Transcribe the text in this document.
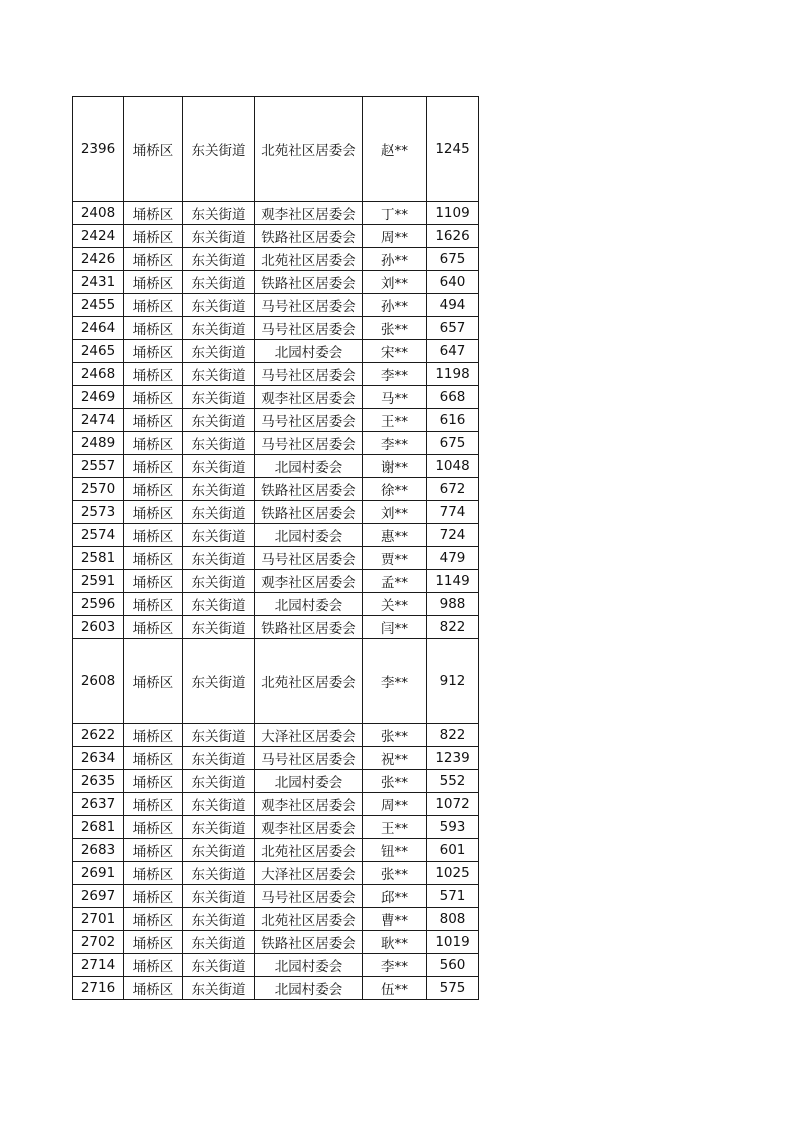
2396	埇桥区	东关街道	北苑社区居委会	赵**	1245
2408	埇桥区	东关街道	观李社区居委会	丁**	1109
2424	埇桥区	东关街道	铁路社区居委会	周**	1626
2426	埇桥区	东关街道	北苑社区居委会	孙**	675
2431	埇桥区	东关街道	铁路社区居委会	刘**	640
2455	埇桥区	东关街道	马号社区居委会	孙**	494
2464	埇桥区	东关街道	马号社区居委会	张**	657
2465	埇桥区	东关街道	北园村委会	宋**	647
2468	埇桥区	东关街道	马号社区居委会	李**	1198
2469	埇桥区	东关街道	观李社区居委会	马**	668
2474	埇桥区	东关街道	马号社区居委会	王**	616
2489	埇桥区	东关街道	马号社区居委会	李**	675
2557	埇桥区	东关街道	北园村委会	谢**	1048
2570	埇桥区	东关街道	铁路社区居委会	徐**	672
2573	埇桥区	东关街道	铁路社区居委会	刘**	774
2574	埇桥区	东关街道	北园村委会	惠**	724
2581	埇桥区	东关街道	马号社区居委会	贾**	479
2591	埇桥区	东关街道	观李社区居委会	孟**	1149
2596	埇桥区	东关街道	北园村委会	关**	988
2603	埇桥区	东关街道	铁路社区居委会	闫**	822
2608	埇桥区	东关街道	北苑社区居委会	李**	912
2622	埇桥区	东关街道	大泽社区居委会	张**	822
2634	埇桥区	东关街道	马号社区居委会	祝**	1239
2635	埇桥区	东关街道	北园村委会	张**	552
2637	埇桥区	东关街道	观李社区居委会	周**	1072
2681	埇桥区	东关街道	观李社区居委会	王**	593
2683	埇桥区	东关街道	北苑社区居委会	钮**	601
2691	埇桥区	东关街道	大泽社区居委会	张**	1025
2697	埇桥区	东关街道	马号社区居委会	邱**	571
2701	埇桥区	东关街道	北苑社区居委会	曹**	808
2702	埇桥区	东关街道	铁路社区居委会	耿**	1019
2714	埇桥区	东关街道	北园村委会	李**	560
2716	埇桥区	东关街道	北园村委会	伍**	575
